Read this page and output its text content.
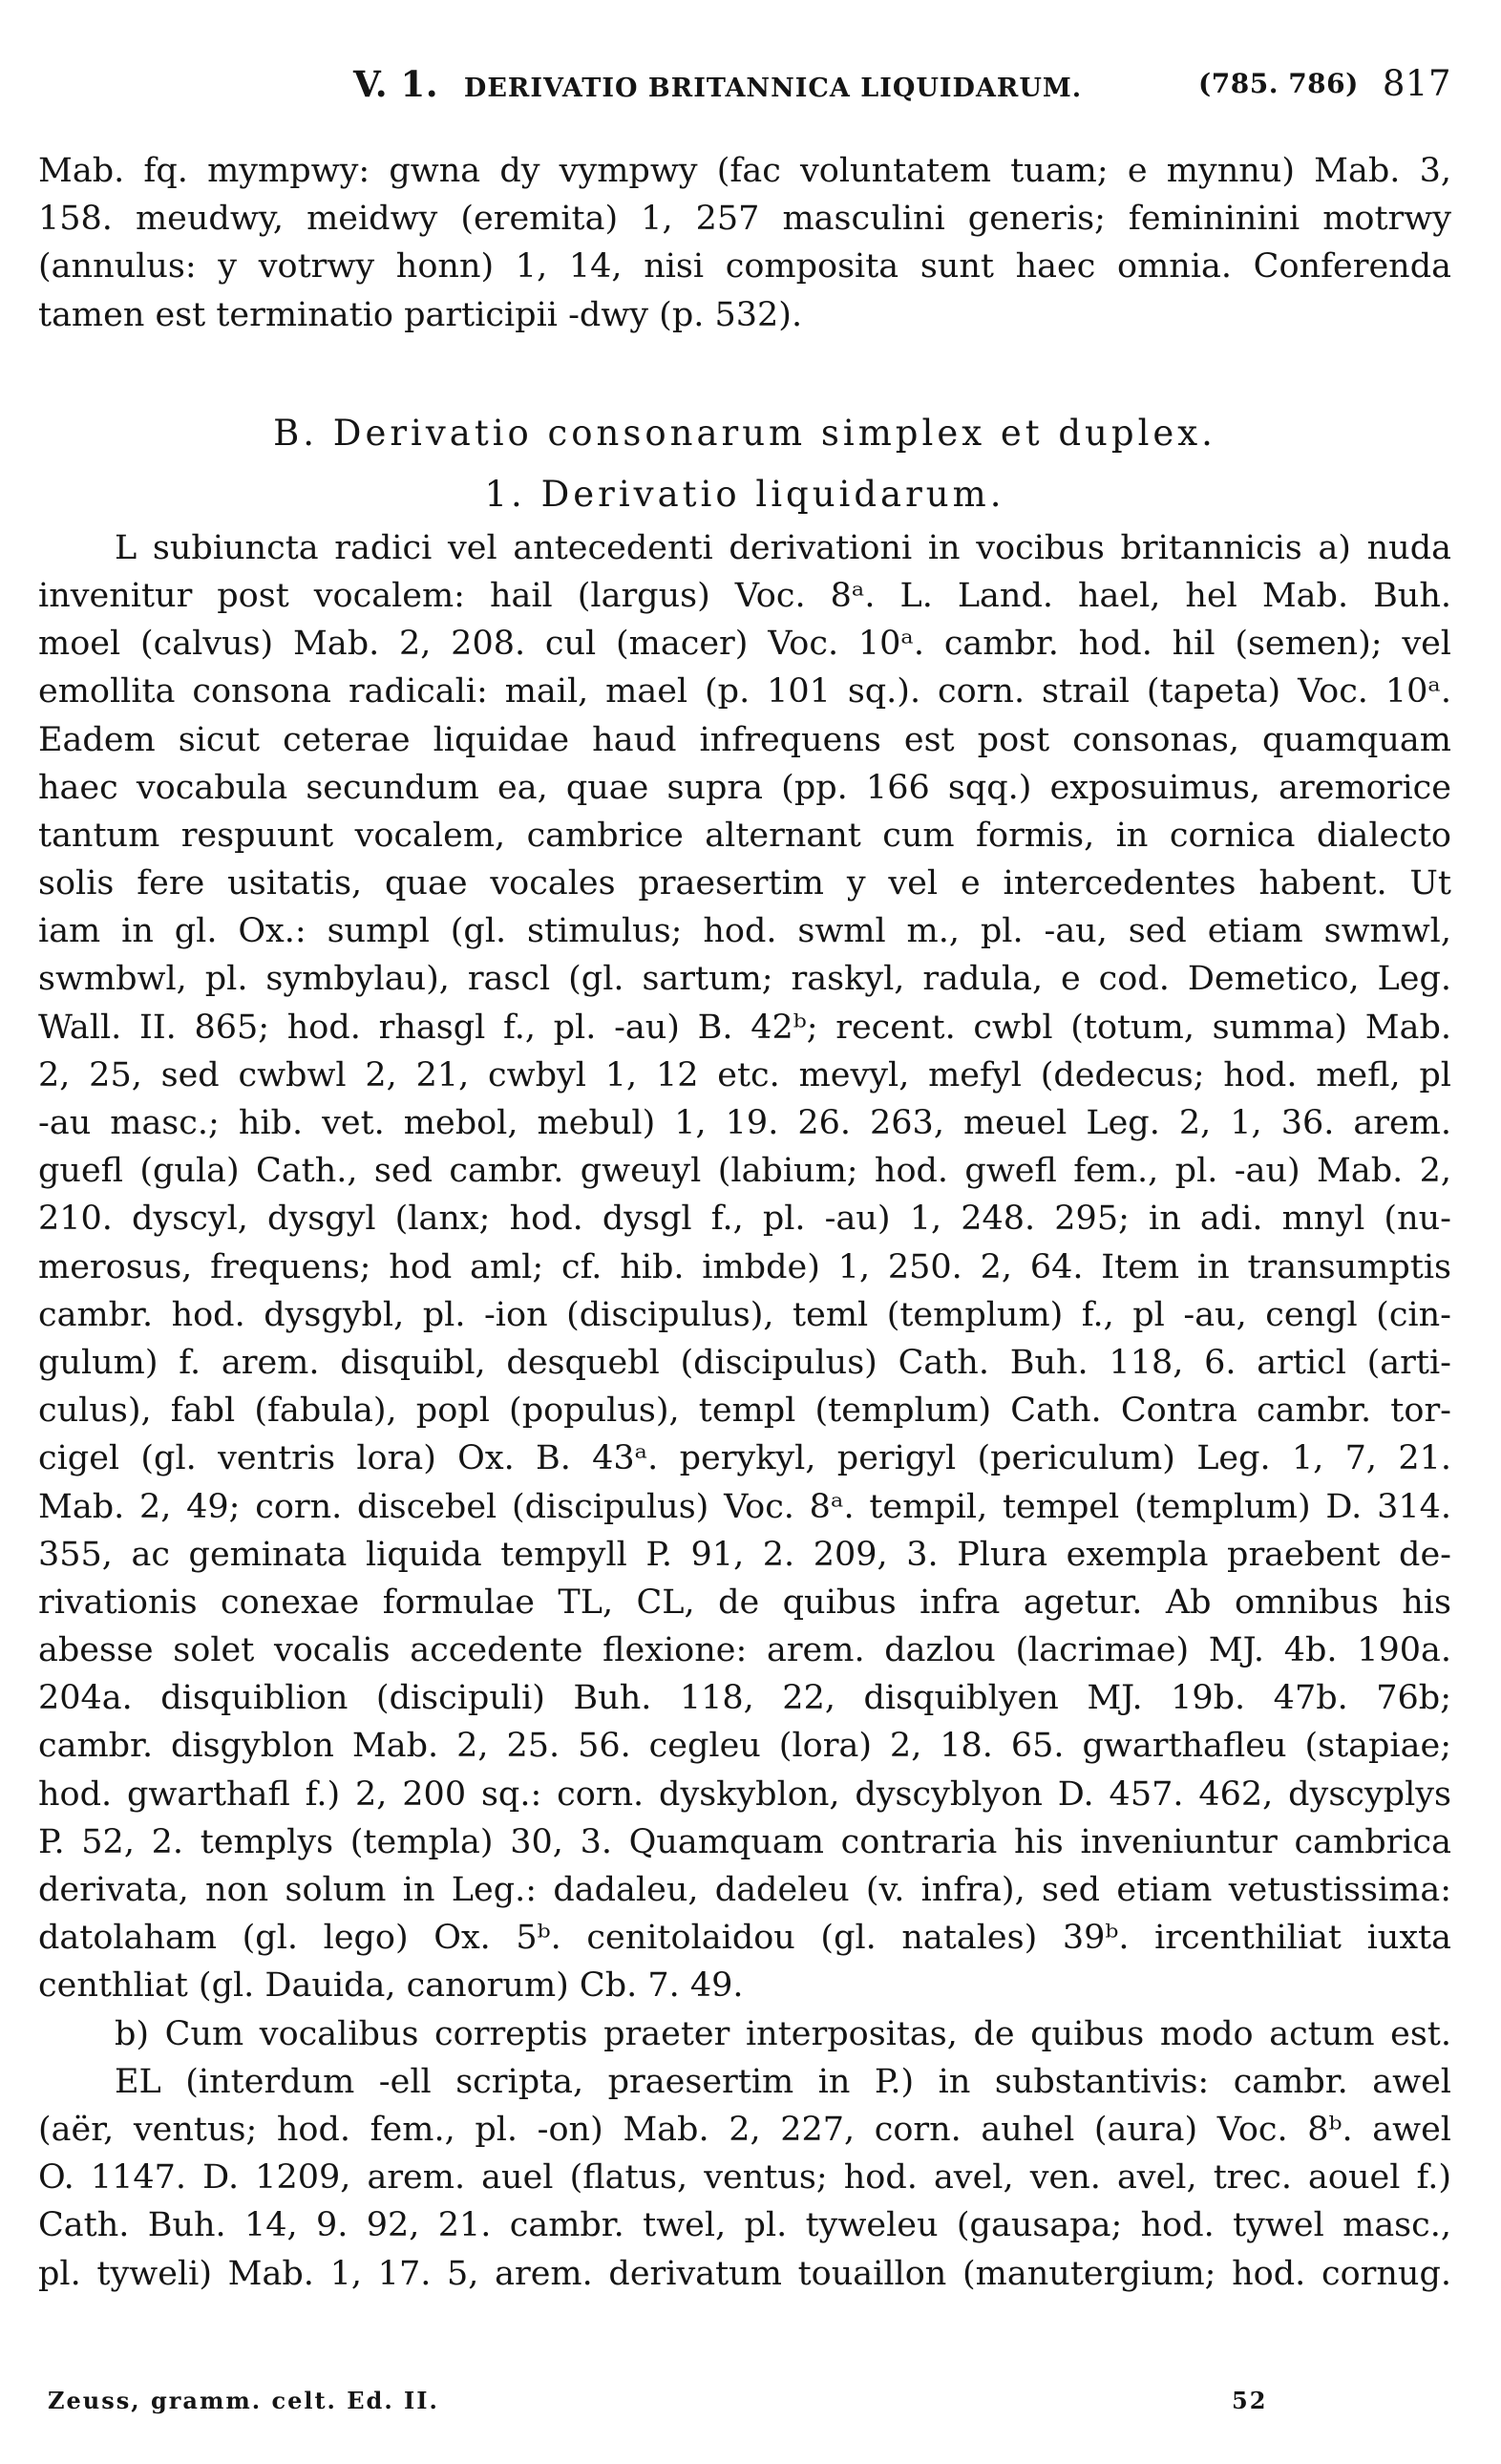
V. 1. DERIVATIO BRITANNICA LIQUIDARUM.	(785. 786) 817
Mab. fq. mympwy: gwna dy vympwy (fac voluntatem tuam; e mynnu) Mab. 3,
158. meudwy, meidwy (eremita) 1, 257 masculini generis; femininini motrwy
(annulus: y votrwy honn) 1, 14, nisi composita sunt haec omnia. Conferenda
tamen est terminatio participii -dwy (p. 532).
B. Derivatio consonarum simplex et duplex.
1. Derivatio liquidarum.
L subiuncta radici vel antecedenti derivationi in vocibus britannicis a) nuda
invenitur post vocalem: hail (largus) Voc. 8ᵃ. L. Land. hael, hel Mab. Buh.
moel (calvus) Mab. 2, 208. cul (macer) Voc. 10ᵃ. cambr. hod. hil (semen); vel
emollita consona radicali: mail, mael (p. 101 sq.). corn. strail (tapeta) Voc. 10ᵃ.
Eadem sicut ceterae liquidae haud infrequens est post consonas, quamquam
haec vocabula secundum ea, quae supra (pp. 166 sqq.) exposuimus, aremorice
tantum respuunt vocalem, cambrice alternant cum formis, in cornica dialecto
solis fere usitatis, quae vocales praesertim y vel e intercedentes habent. Ut
iam in gl. Ox.: sumpl (gl. stimulus; hod. swml m., pl. -au, sed etiam swmwl,
swmbwl, pl. symbylau), rascl (gl. sartum; raskyl, radula, e cod. Demetico, Leg.
Wall. II. 865; hod. rhasgl f., pl. -au) B. 42ᵇ; recent. cwbl (totum, summa) Mab.
2, 25, sed cwbwl 2, 21, cwbyl 1, 12 etc. mevyl, mefyl (dedecus; hod. mefl, pl
-au masc.; hib. vet. mebol, mebul) 1, 19. 26. 263, meuel Leg. 2, 1, 36. arem.
guefl (gula) Cath., sed cambr. gweuyl (labium; hod. gwefl fem., pl. -au) Mab. 2,
210. dyscyl, dysgyl (lanx; hod. dysgl f., pl. -au) 1, 248. 295; in adi. mnyl (nu-
merosus, frequens; hod aml; cf. hib. imbde) 1, 250. 2, 64. Item in transumptis
cambr. hod. dysgybl, pl. -ion (discipulus), teml (templum) f., pl -au, cengl (cin-
gulum) f. arem. disquibl, desquebl (discipulus) Cath. Buh. 118, 6. articl (arti-
culus), fabl (fabula), popl (populus), templ (templum) Cath. Contra cambr. tor-
cigel (gl. ventris lora) Ox. B. 43ᵃ. perykyl, perigyl (periculum) Leg. 1, 7, 21.
Mab. 2, 49; corn. discebel (discipulus) Voc. 8ᵃ. tempil, tempel (templum) D. 314.
355, ac geminata liquida tempyll P. 91, 2. 209, 3. Plura exempla praebent de-
rivationis conexae formulae TL, CL, de quibus infra agetur. Ab omnibus his
abesse solet vocalis accedente flexione: arem. dazlou (lacrimae) MJ. 4b. 190a.
204a. disquiblion (discipuli) Buh. 118, 22, disquiblyen MJ. 19b. 47b. 76b;
cambr. disgyblon Mab. 2, 25. 56. cegleu (lora) 2, 18. 65. gwarthafleu (stapiae;
hod. gwarthafl f.) 2, 200 sq.: corn. dyskyblon, dyscyblyon D. 457. 462, dyscyplys
P. 52, 2. templys (templa) 30, 3. Quamquam contraria his inveniuntur cambrica
derivata, non solum in Leg.: dadaleu, dadeleu (v. infra), sed etiam vetustissima:
datolaham (gl. lego) Ox. 5ᵇ. cenitolaidou (gl. natales) 39ᵇ. ircenthiliat iuxta
centhliat (gl. Dauida, canorum) Cb. 7. 49.
b) Cum vocalibus correptis praeter interpositas, de quibus modo actum est.
EL (interdum -ell scripta, praesertim in P.) in substantivis: cambr. awel
(aër, ventus; hod. fem., pl. -on) Mab. 2, 227, corn. auhel (aura) Voc. 8ᵇ. awel
O. 1147. D. 1209, arem. auel (flatus, ventus; hod. avel, ven. avel, trec. aouel f.)
Cath. Buh. 14, 9. 92, 21. cambr. twel, pl. tyweleu (gausapa; hod. tywel masc.,
pl. tyweli) Mab. 1, 17. 5, arem. derivatum touaillon (manutergium; hod. cornug.
Zeuss, gramm. celt. Ed. II.	52
